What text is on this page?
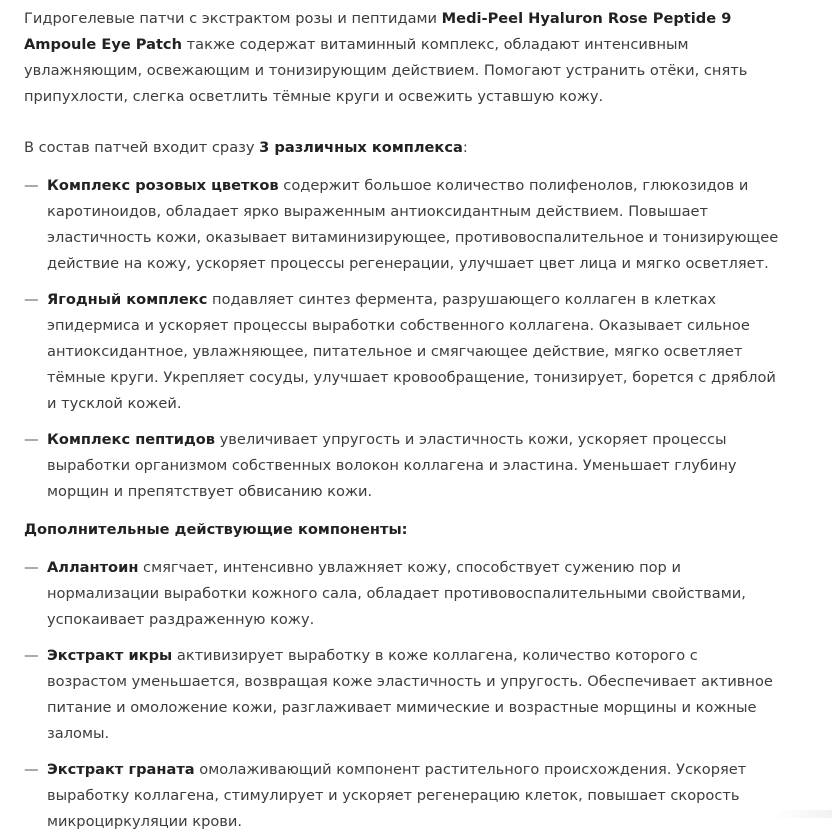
Гидрогелевые патчи с экстрактом розы и пептидами Medi-Peel Hyaluron Rose Peptide 9 Ampoule Eye Patch также содержат витаминный комплекс, обладают интенсивным увлажняющим, освежающим и тонизирующим действием. Помогают устранить отёки, снять припухлости, слегка осветлить тёмные круги и освежить уставшую кожу.

В состав патчей входит сразу 3 различных комплекса:

— Комплекс розовых цветков содержит большое количество полифенолов, глюкозидов и каротиноидов, обладает ярко выраженным антиоксидантным действием. Повышает эластичность кожи, оказывает витаминизирующее, противовоспалительное и тонизирующее действие на кожу, ускоряет процессы регенерации, улучшает цвет лица и мягко осветляет.
— Ягодный комплекс подавляет синтез фермента, разрушающего коллаген в клетках эпидермиса и ускоряет процессы выработки собственного коллагена. Оказывает сильное антиоксидантное, увлажняющее, питательное и смягчающее действие, мягко осветляет тёмные круги. Укрепляет сосуды, улучшает кровообращение, тонизирует, борется с дряблой и тусклой кожей.
— Комплекс пептидов увеличивает упругость и эластичность кожи, ускоряет процессы выработки организмом собственных волокон коллагена и эластина. Уменьшает глубину морщин и препятствует обвисанию кожи.

Дополнительные действующие компоненты:

— Аллантоин смягчает, интенсивно увлажняет кожу, способствует сужению пор и нормализации выработки кожного сала, обладает противовоспалительными свойствами, успокаивает раздраженную кожу.
— Экстракт икры активизирует выработку в коже коллагена, количество которого с возрастом уменьшается, возвращая коже эластичность и упругость. Обеспечивает активное питание и омоложение кожи, разглаживает мимические и возрастные морщины и кожные заломы.
— Экстракт граната омолаживающий компонент растительного происхождения. Ускоряет выработку коллагена, стимулирует и ускоряет регенерацию клеток, повышает скорость микроциркуляции крови.
